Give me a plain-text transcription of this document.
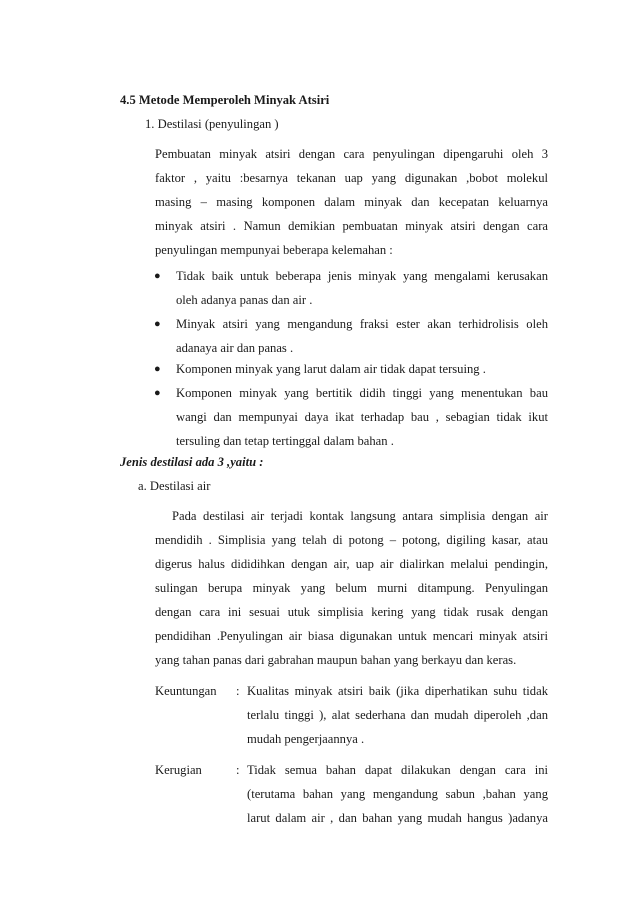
4.5 Metode Memperoleh Minyak Atsiri
1. Destilasi (penyulingan )
Pembuatan minyak atsiri dengan cara penyulingan dipengaruhi oleh 3
faktor , yaitu :besarnya tekanan uap yang digunakan ,bobot molekul
masing – masing komponen dalam minyak dan kecepatan keluarnya
minyak atsiri . Namun demikian pembuatan minyak atsiri dengan cara
penyulingan mempunyai beberapa kelemahan :
● Tidak baik untuk beberapa jenis minyak yang mengalami kerusakan
oleh adanya panas dan air .
● Minyak atsiri yang mengandung fraksi ester akan terhidrolisis oleh
adanaya air dan panas .
● Komponen minyak yang larut dalam air tidak dapat tersuing .
● Komponen minyak yang bertitik didih tinggi yang menentukan bau
wangi dan mempunyai daya ikat terhadap bau , sebagian tidak ikut
tersuling dan tetap tertinggal dalam bahan .
Jenis destilasi ada 3 ,yaitu :
a. Destilasi air
Pada destilasi air terjadi kontak langsung antara simplisia dengan air
mendidih . Simplisia yang telah di potong – potong, digiling kasar, atau
digerus halus dididihkan dengan air, uap air dialirkan melalui pendingin,
sulingan berupa minyak yang belum murni ditampung. Penyulingan
dengan cara ini sesuai utuk simplisia kering yang tidak rusak dengan
pendidihan .Penyulingan air biasa digunakan untuk mencari minyak atsiri
yang tahan panas dari gabrahan maupun bahan yang berkayu dan keras.
Keuntungan : Kualitas minyak atsiri baik (jika diperhatikan suhu tidak
terlalu tinggi ), alat sederhana dan mudah diperoleh ,dan
mudah pengerjaannya .
Kerugian	: Tidak semua bahan dapat dilakukan dengan cara ini
(terutama bahan yang mengandung sabun ,bahan yang
larut dalam air , dan bahan yang mudah hangus )adanya
